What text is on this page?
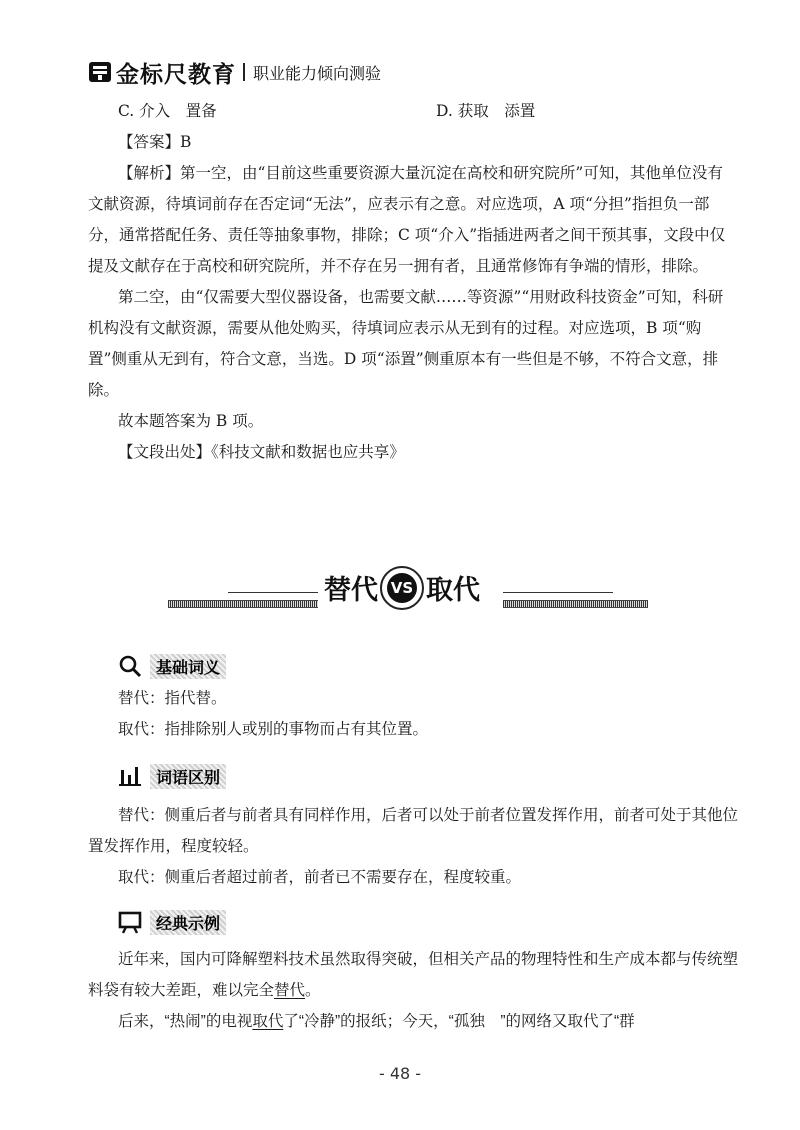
金标尺教育 职业能力倾向测验
C. 介入　置备	D. 获取　添置

【答案】B

【解析】第一空，由“目前这些重要资源大量沉淀在高校和研究院所”可知，其他单位没有文献资源，待填词前存在否定词“无法”，应表示有之意。对应选项，A 项“分担”指担负一部分，通常搭配任务、责任等抽象事物，排除；C 项“介入”指插进两者之间干预其事，文段中仅提及文献存在于高校和研究院所，并不存在另一拥有者，且通常修饰有争端的情形，排除。

第二空，由“仅需要大型仪器设备，也需要文献……等资源”“用财政科技资金”可知，科研机构没有文献资源，需要从他处购买，待填词应表示从无到有的过程。对应选项，B 项“购置”侧重从无到有，符合文意，当选。D 项“添置”侧重原本有一些但是不够，不符合文意，排除。

故本题答案为 B 项。

【文段出处】《科技文献和数据也应共享》

替代 VS 取代
基础词义

替代：指代替。

取代：指排除别人或别的事物而占有其位置。

词语区别

替代：侧重后者与前者具有同样作用，后者可以处于前者位置发挥作用，前者可处于其他位置发挥作用，程度较轻。

取代：侧重后者超过前者，前者已不需要存在，程度较重。

经典示例

近年来，国内可降解塑料技术虽然取得突破，但相关产品的物理特性和生产成本都与传统塑料袋有较大差距，难以完全替代。

后来，“热闹”的电视取代了“冷静”的报纸；今天，“孤独　”的网络又取代了“群

- 48 -
